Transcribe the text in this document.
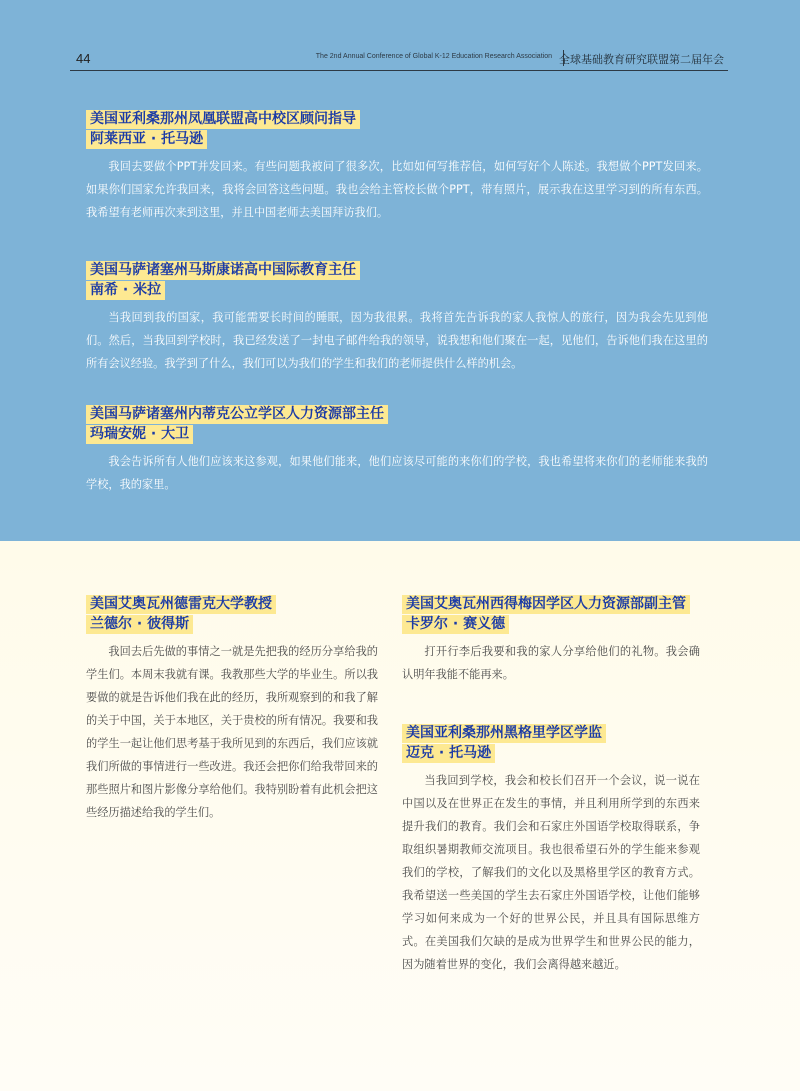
44	The 2nd Annual Conference of Global K-12 Education Research Association 全球基础教育研究联盟第二届年会
美国亚利桑那州凤凰联盟高中校区顾问指导
阿莱西亚 · 托马逊
我回去要做个PPT并发回来。有些问题我被问了很多次，比如如何写推荐信，如何写好个人陈述。我想做个PPT发回来。 如果你们国家允许我回来，我将会回答这些问题。我也会给主管校长做个PPT，带有照片，展示我在这里学习到的所有东西。我希望有老师再次来到这里，并且中国老师去美国拜访我们。
美国马萨诸塞州马斯康诺高中国际教育主任
南希 · 米拉
当我回到我的国家，我可能需要长时间的睡眠，因为我很累。我将首先告诉我的家人我惊人的旅行，因为我会先见到他们。然后，当我回到学校时，我已经发送了一封电子邮件给我的领导，说我想和他们聚在一起，见他们，告诉他们我在这里的所有会议经验。我学到了什么，我们可以为我们的学生和我们的老师提供什么样的机会。
美国马萨诸塞州内蒂克公立学区人力资源部主任
玛瑞安妮 · 大卫
我会告诉所有人他们应该来这参观，如果他们能来，他们应该尽可能的来你们的学校，我也希望将来你们的老师能来我的学校，我的家里。
美国艾奥瓦州德雷克大学教授
兰德尔 · 彼得斯
我回去后先做的事情之一就是先把我的经历分享给我的学生们。本周末我就有课。我教那些大学的毕业生。所以我要做的就是告诉他们我在此的经历，我所观察到的和我了解的关于中国，关于本地区，关于贵校的所有情况。我要和我的学生一起让他们思考基于我所见到的东西后，我们应该就我们所做的事情进行一些改进。我还会把你们给我带回来的那些照片和图片影像分享给他们。我特别盼着有此机会把这些经历描述给我的学生们。
美国艾奥瓦州西得梅因学区人力资源部副主管
卡罗尔 · 赛义德
打开行李后我要和我的家人分享给他们的礼物。我会确认明年我能不能再来。
美国亚利桑那州黑格里学区学监
迈克 · 托马逊
当我回到学校，我会和校长们召开一个会议，说一说在中国以及在世界正在发生的事情，并且利用所学到的东西来提升我们的教育。我们会和石家庄外国语学校取得联系，争取组织暑期教师交流项目。我也很希望石外的学生能来参观我们的学校，了解我们的文化以及黑格里学区的教育方式。我希望送一些美国的学生去石家庄外国语学校，让他们能够学习如何来成为一个好的世界公民，并且具有国际思维方式。在美国我们欠缺的是成为世界学生和世界公民的能力，因为随着世界的变化，我们会离得越来越近。
